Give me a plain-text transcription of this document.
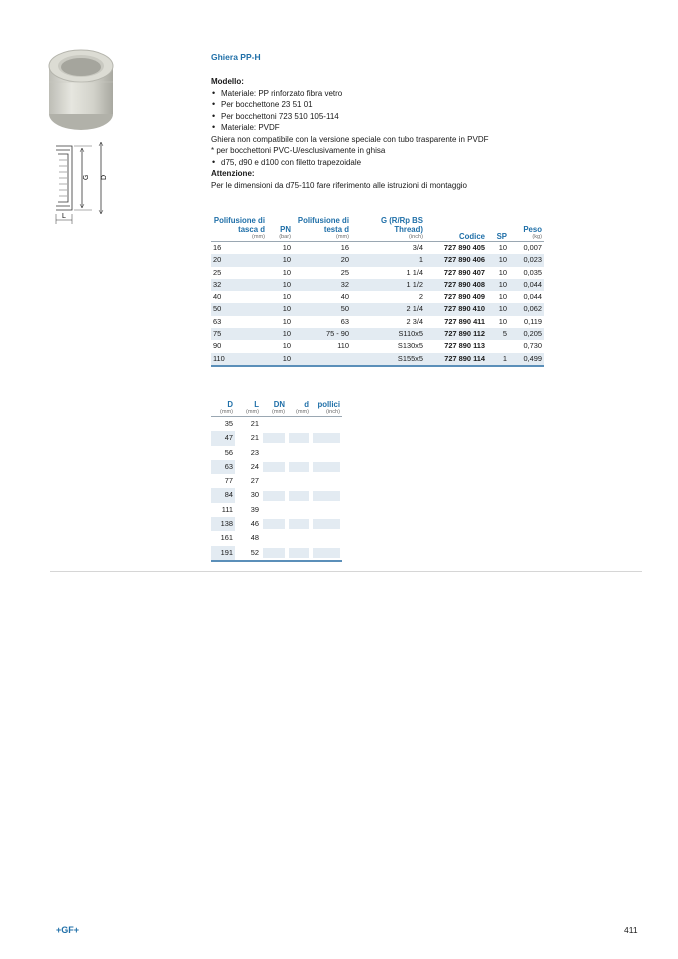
G D
L
Ghiera PP-H
Modello:
• Materiale: PP rinforzato fibra vetro
• Per bocchettone 23 51 01
• Per bocchettoni 723 510 105-114
• Materiale: PVDF

Ghiera non compatibile con la versione speciale con tubo trasparente in PVDF

* per bocchettoni PVC-U/esclusivamente in ghisa

• d75, d90 e d100 con filetto trapezoidale
Attenzione:

Per le dimensioni da d75-110 fare riferimento alle istruzioni di montaggio

Polifusione di tasca d
(mm)	PN
(bar)	Polifusione di testa d
(mm)	G (R/Rp BS Thread)
(inch)	Codice	SP	Peso
(kg)

16	10	16	3/4	727 890 405	10	0,007
20	10	20	1	727 890 406	10	0,023
25	10	25	1 1/4	727 890 407	10	0,035
32	10	32	1 1/2	727 890 408	10	0,044
40	10	40	2	727 890 409	10	0,044
50	10	50	2 1/4	727 890 410	10	0,062
63	10	63	2 3/4	727 890 411	10	0,119
75	10	75 - 90	S110x5	727 890 112	5	0,205
90	10	110	S130x5	727 890 113		0,730
110	10		S155x5	727 890 114	1	0,499
D
(mm)	L
(mm)	DN
(mm)	d
(mm)	pollici
(inch)

35	21			
47	21	

56	23			
63	24	

77	27			
84	30	

111	39			
138	46	

161	48			
191	52	

+GF+	411
